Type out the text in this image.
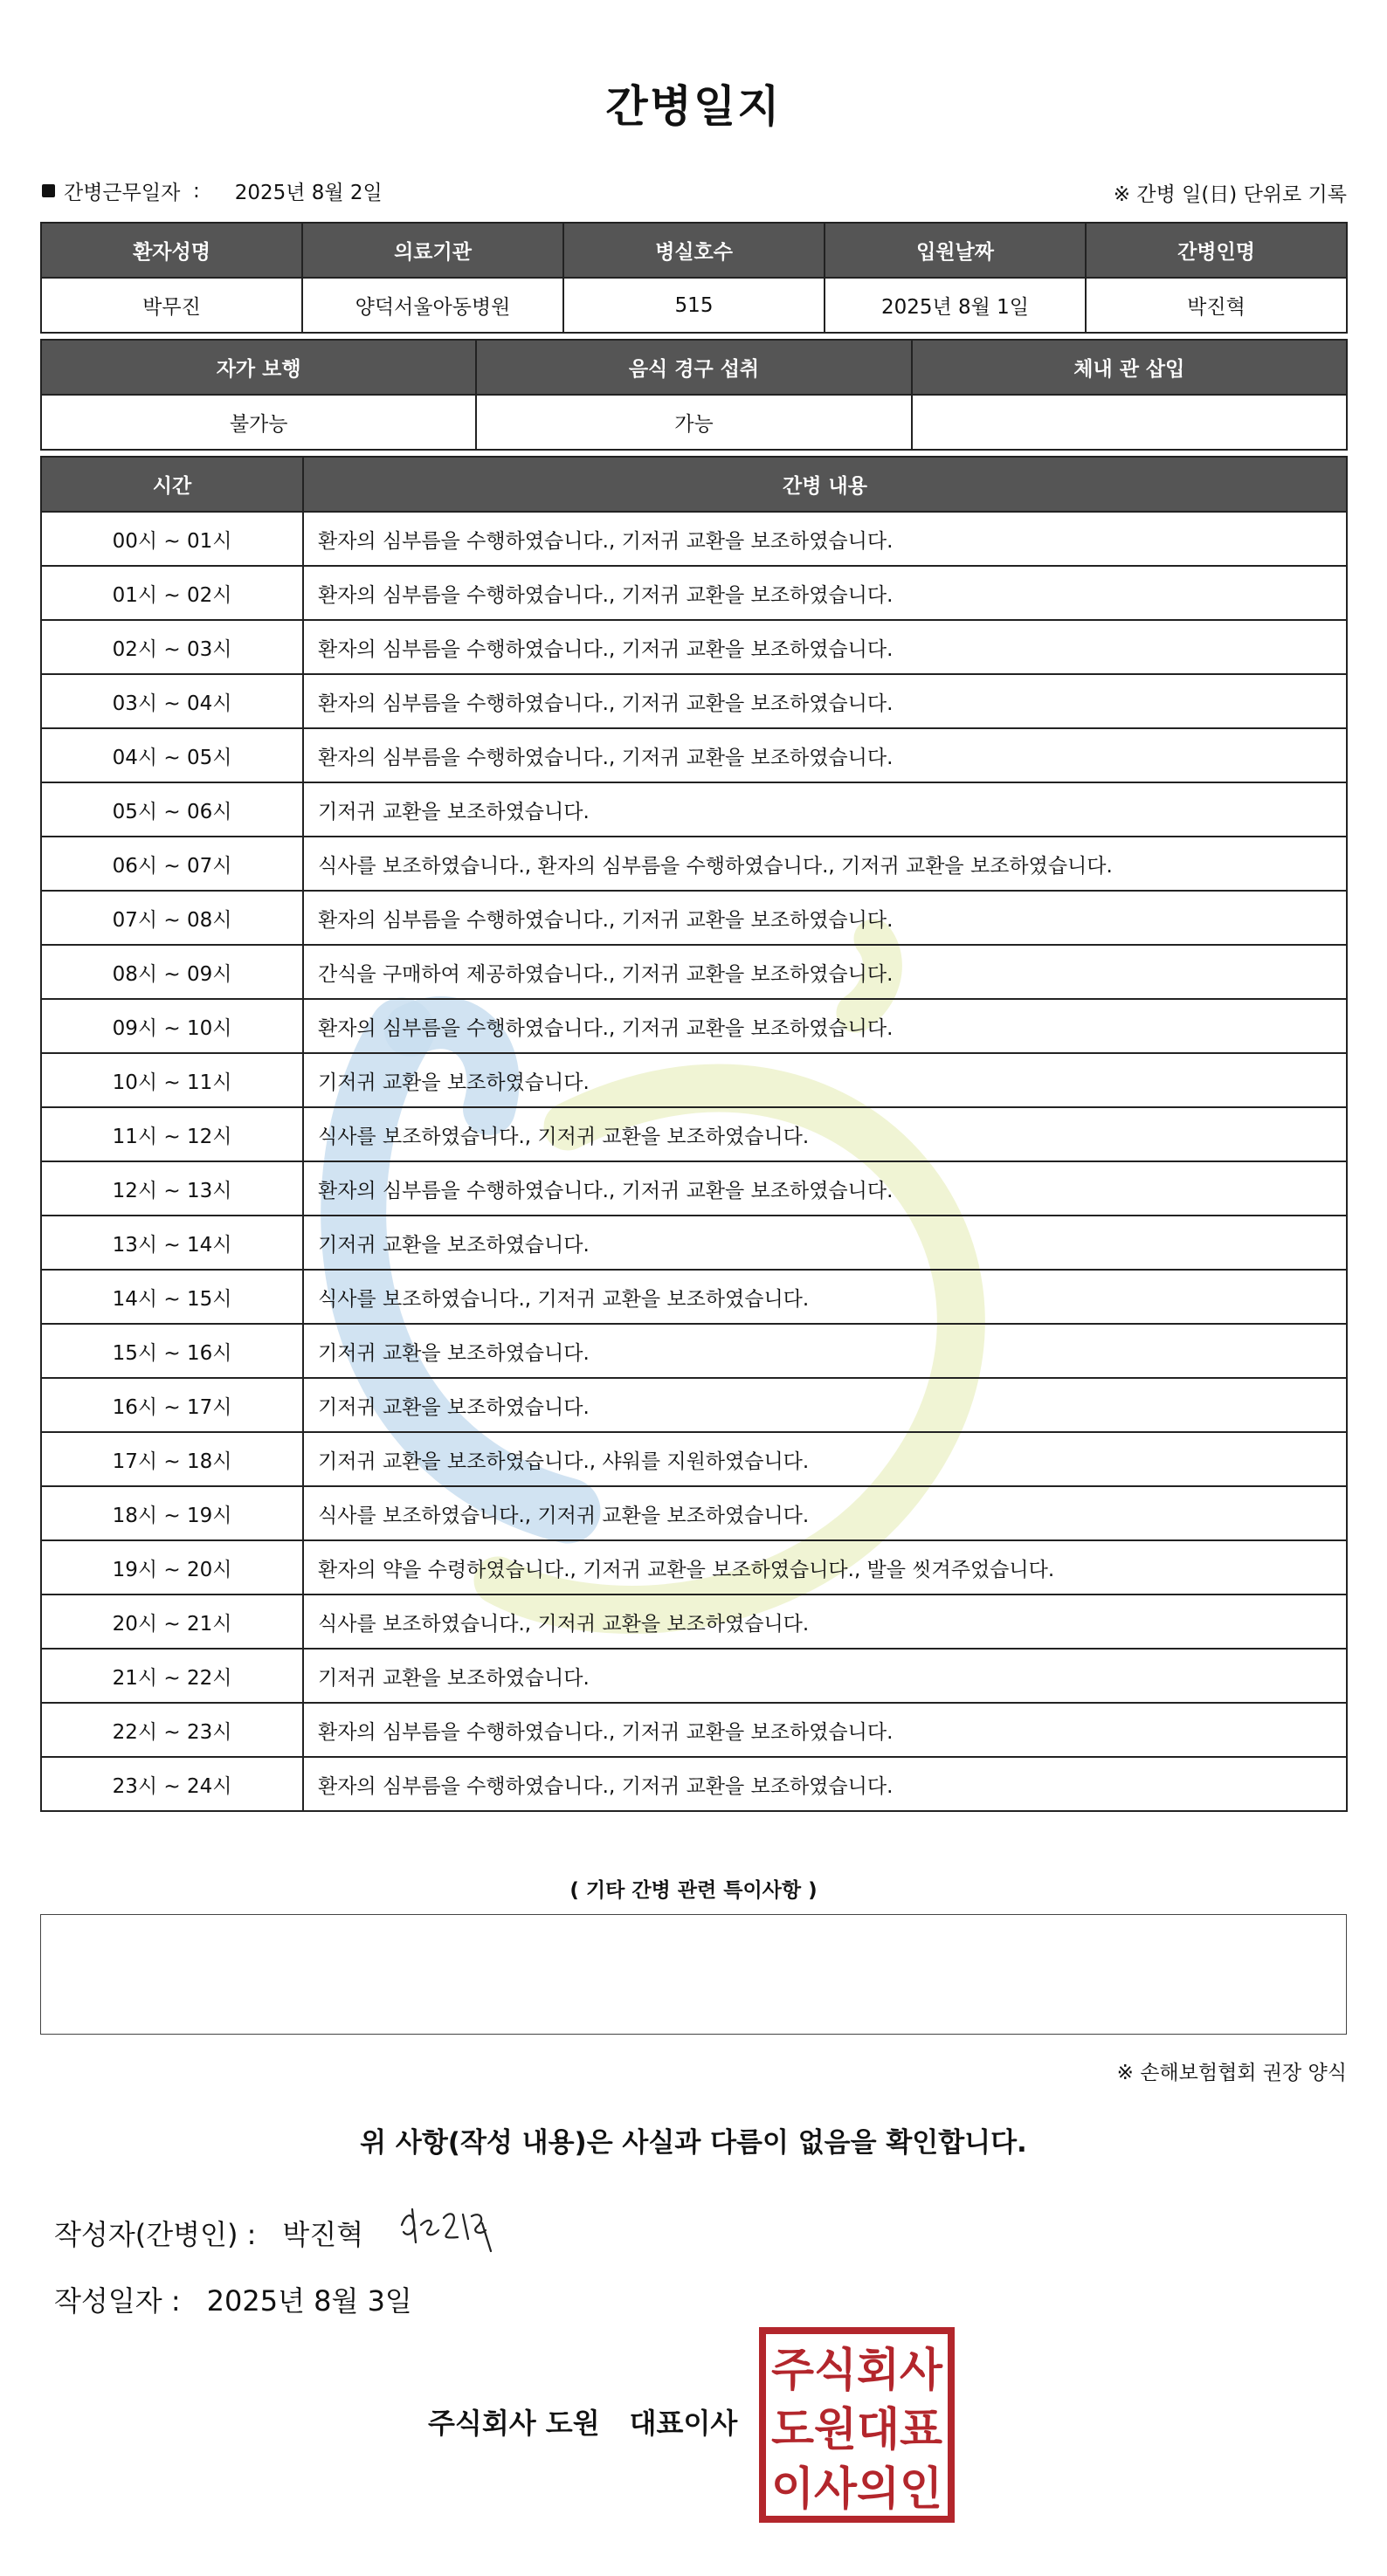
간병일지
간병근무일자
: 2025년 8월 2일	※ 간병 일(日) 단위로 기록
환자성명	의료기관	병실호수	입원날짜	간병인명
박무진	양덕서울아동병원	515	2025년 8월 1일	박진혁
자가 보행	음식 경구 섭취	체내 관 삽입
불가능	가능	
시간	간병 내용
00시 ~ 01시	환자의 심부름을 수행하였습니다., 기저귀 교환을 보조하였습니다.
01시 ~ 02시	환자의 심부름을 수행하였습니다., 기저귀 교환을 보조하였습니다.
02시 ~ 03시	환자의 심부름을 수행하였습니다., 기저귀 교환을 보조하였습니다.
03시 ~ 04시	환자의 심부름을 수행하였습니다., 기저귀 교환을 보조하였습니다.
04시 ~ 05시	환자의 심부름을 수행하였습니다., 기저귀 교환을 보조하였습니다.
05시 ~ 06시	기저귀 교환을 보조하였습니다.
06시 ~ 07시	식사를 보조하였습니다., 환자의 심부름을 수행하였습니다., 기저귀 교환을 보조하였습니다.
07시 ~ 08시	환자의 심부름을 수행하였습니다., 기저귀 교환을 보조하였습니다.
08시 ~ 09시	간식을 구매하여 제공하였습니다., 기저귀 교환을 보조하였습니다.
09시 ~ 10시	환자의 심부름을 수행하였습니다., 기저귀 교환을 보조하였습니다.
10시 ~ 11시	기저귀 교환을 보조하였습니다.
11시 ~ 12시	식사를 보조하였습니다., 기저귀 교환을 보조하였습니다.
12시 ~ 13시	환자의 심부름을 수행하였습니다., 기저귀 교환을 보조하였습니다.
13시 ~ 14시	기저귀 교환을 보조하였습니다.
14시 ~ 15시	식사를 보조하였습니다., 기저귀 교환을 보조하였습니다.
15시 ~ 16시	기저귀 교환을 보조하였습니다.
16시 ~ 17시	기저귀 교환을 보조하였습니다.
17시 ~ 18시	기저귀 교환을 보조하였습니다., 샤워를 지원하였습니다.
18시 ~ 19시	식사를 보조하였습니다., 기저귀 교환을 보조하였습니다.
19시 ~ 20시	환자의 약을 수령하였습니다., 기저귀 교환을 보조하였습니다., 발을 씻겨주었습니다.
20시 ~ 21시	식사를 보조하였습니다., 기저귀 교환을 보조하였습니다.
21시 ~ 22시	기저귀 교환을 보조하였습니다.
22시 ~ 23시	환자의 심부름을 수행하였습니다., 기저귀 교환을 보조하였습니다.
23시 ~ 24시	환자의 심부름을 수행하였습니다., 기저귀 교환을 보조하였습니다.
( 기타 간병 관련 특이사항 )
※ 손해보험협회 권장 양식
위 사항(작성 내용)은 사실과 다름이 없음을 확인합니다.
작성자(간병인) : 박진혁
작성일자 : 2025년 8월 3일
주식회사 도원 대표이사
주식회사
도원대표
이사의인
